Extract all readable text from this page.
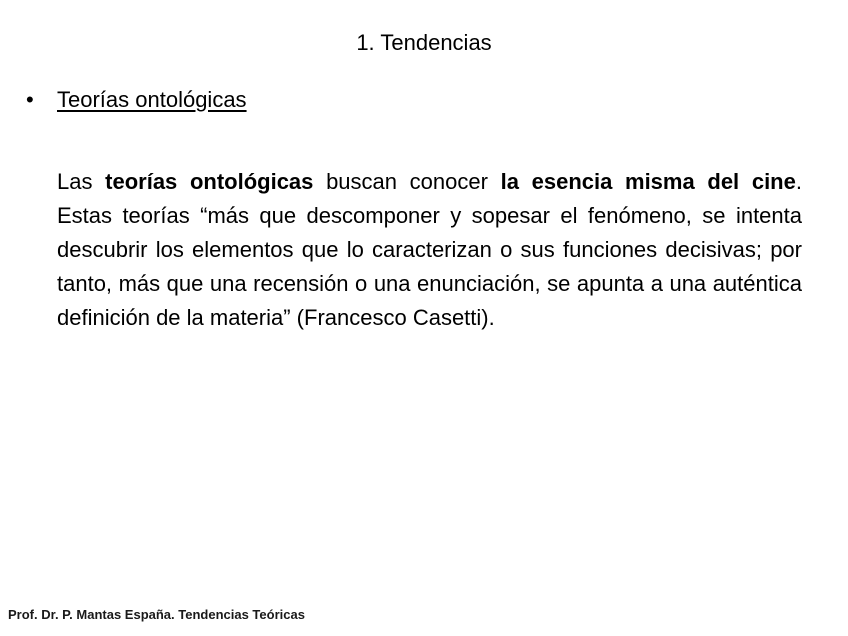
1. Tendencias
•	Teorías ontológicas
Las teorías ontológicas buscan conocer la esencia misma del cine. Estas teorías “más que descomponer y sopesar el fenómeno, se intenta descubrir los elementos que lo caracterizan o sus funciones decisivas; por tanto, más que una recensión o una enunciación, se apunta a una auténtica definición de la materia” (Francesco Casetti).
Prof. Dr. P. Mantas España. Tendencias Teóricas
